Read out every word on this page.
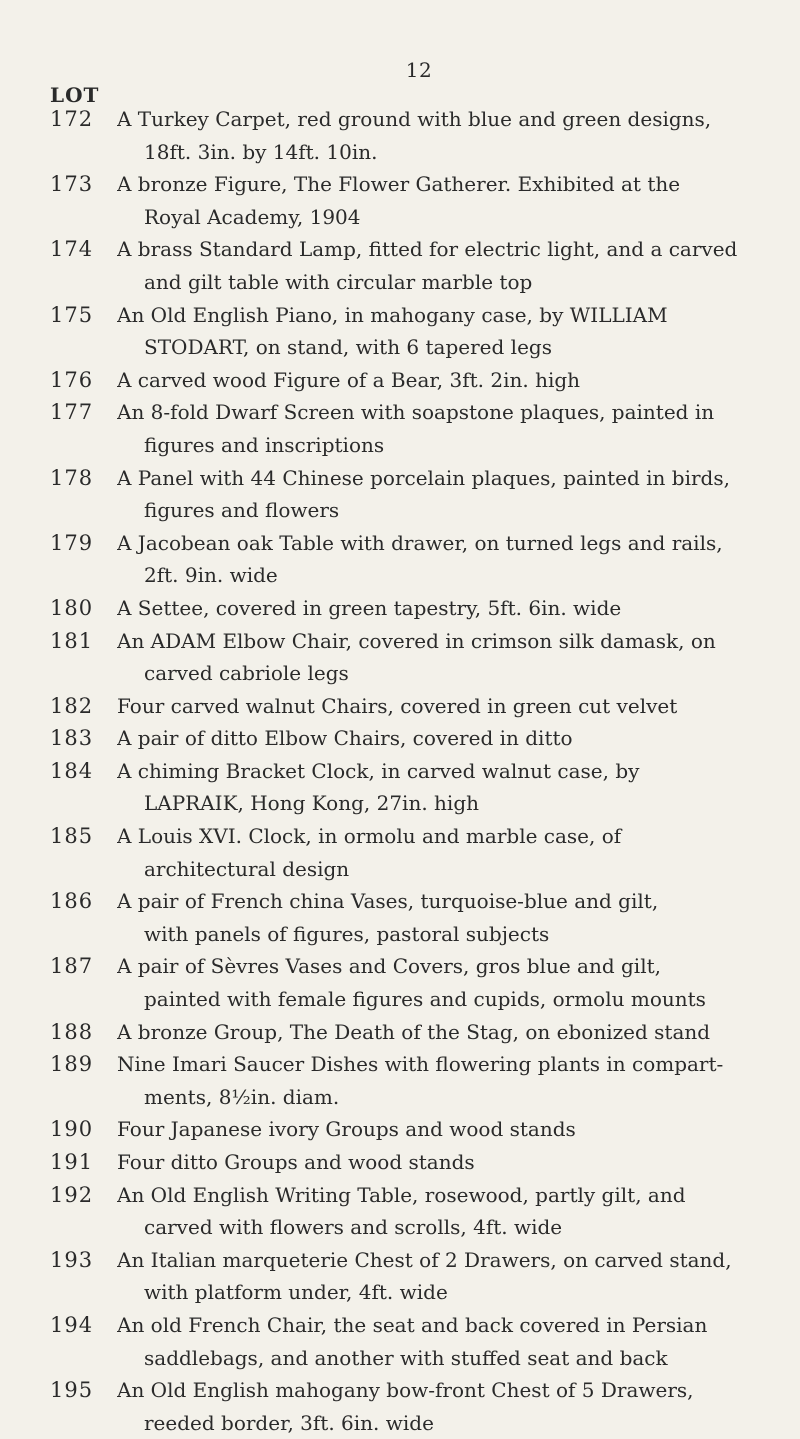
12
LOT
172	A Turkey Carpet, red ground with blue and green designs,
18ft. 3in. by 14ft. 10in.
173	A bronze Figure, The Flower Gatherer. Exhibited at the
Royal Academy, 1904
174	A brass Standard Lamp, fitted for electric light, and a carved
and gilt table with circular marble top
175	An Old English Piano, in mahogany case, by WILLIAM
STODART, on stand, with 6 tapered legs
176	A carved wood Figure of a Bear, 3ft. 2in. high
177	An 8-fold Dwarf Screen with soapstone plaques, painted in
figures and inscriptions
178	A Panel with 44 Chinese porcelain plaques, painted in birds,
figures and flowers
179	A Jacobean oak Table with drawer, on turned legs and rails,
2ft. 9in. wide
180	A Settee, covered in green tapestry, 5ft. 6in. wide
181	An ADAM Elbow Chair, covered in crimson silk damask, on
carved cabriole legs
182	Four carved walnut Chairs, covered in green cut velvet
183	A pair of ditto Elbow Chairs, covered in ditto
184	A chiming Bracket Clock, in carved walnut case, by
LAPRAIK, Hong Kong, 27in. high
185	A Louis XVI. Clock, in ormolu and marble case, of
architectural design
186	A pair of French china Vases, turquoise-blue and gilt,
with panels of figures, pastoral subjects
187	A pair of Sèvres Vases and Covers, gros blue and gilt,
painted with female figures and cupids, ormolu mounts
188	A bronze Group, The Death of the Stag, on ebonized stand
189	Nine Imari Saucer Dishes with flowering plants in compart-
ments, 8½in. diam.
190	Four Japanese ivory Groups and wood stands
191	Four ditto Groups and wood stands
192	An Old English Writing Table, rosewood, partly gilt, and
carved with flowers and scrolls, 4ft. wide
193	An Italian marqueterie Chest of 2 Drawers, on carved stand,
with platform under, 4ft. wide
194	An old French Chair, the seat and back covered in Persian
saddlebags, and another with stuffed seat and back
195	An Old English mahogany bow-front Chest of 5 Drawers,
reeded border, 3ft. 6in. wide
